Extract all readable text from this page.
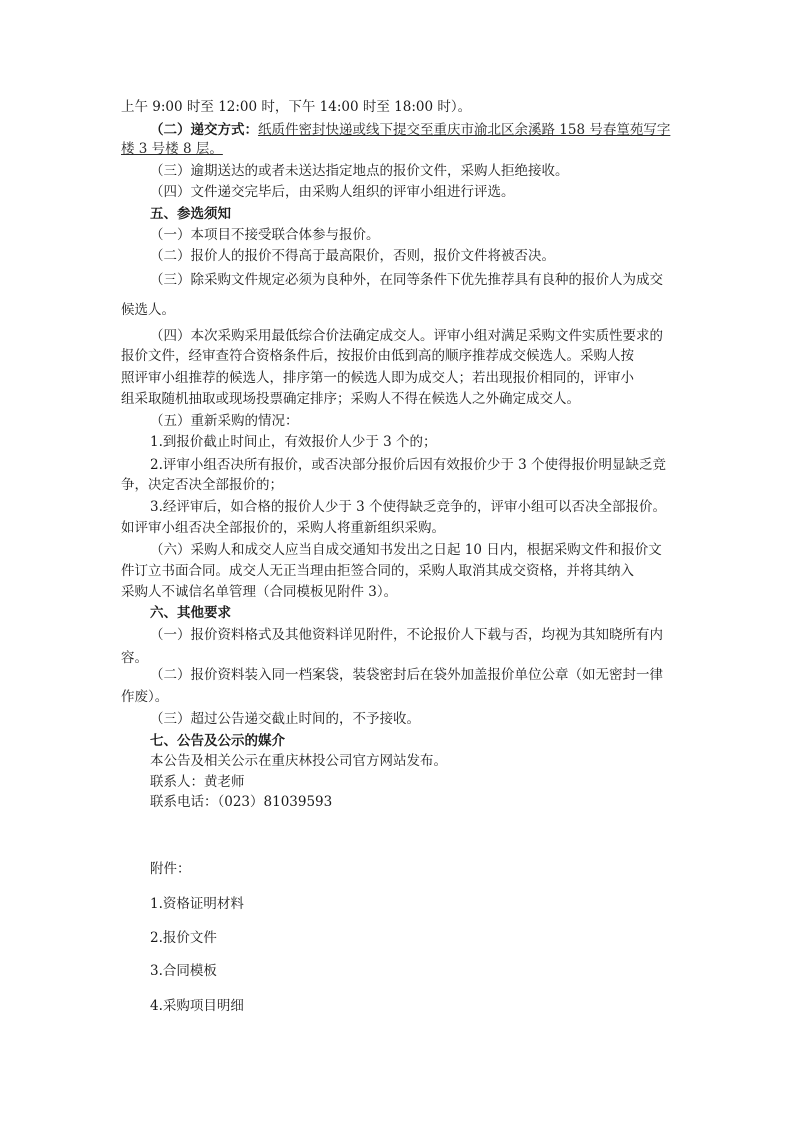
上午 9:00 时至 12:00 时，下午 14:00 时至 18:00 时）。
（二）递交方式：纸质件密封快递或线下提交至重庆市渝北区余溪路 158 号春篁苑写字
楼 3 号楼 8 层。
（三）逾期送达的或者未送达指定地点的报价文件，采购人拒绝接收。
（四）文件递交完毕后，由采购人组织的评审小组进行评选。
五、参选须知
（一）本项目不接受联合体参与报价。
（二）报价人的报价不得高于最高限价，否则，报价文件将被否决。
（三）除采购文件规定必须为良种外，在同等条件下优先推荐具有良种的报价人为成交
候选人。
（四）本次采购采用最低综合价法确定成交人。评审小组对满足采购文件实质性要求的
报价文件，经审查符合资格条件后，按报价由低到高的顺序推荐成交候选人。采购人按
照评审小组推荐的候选人，排序第一的候选人即为成交人；若出现报价相同的，评审小
组采取随机抽取或现场投票确定排序；采购人不得在候选人之外确定成交人。
（五）重新采购的情况：
1.到报价截止时间止，有效报价人少于 3 个的；
2.评审小组否决所有报价，或否决部分报价后因有效报价少于 3 个使得报价明显缺乏竞
争，决定否决全部报价的；
3.经评审后，如合格的报价人少于 3 个使得缺乏竞争的，评审小组可以否决全部报价。
如评审小组否决全部报价的，采购人将重新组织采购。
（六）采购人和成交人应当自成交通知书发出之日起 10 日内，根据采购文件和报价文
件订立书面合同。成交人无正当理由拒签合同的，采购人取消其成交资格，并将其纳入
采购人不诚信名单管理（合同模板见附件 3）。
六、其他要求
（一）报价资料格式及其他资料详见附件，不论报价人下载与否，均视为其知晓所有内
容。
（二）报价资料装入同一档案袋，装袋密封后在袋外加盖报价单位公章（如无密封一律
作废）。
（三）超过公告递交截止时间的，不予接收。
七、公告及公示的媒介
本公告及相关公示在重庆林投公司官方网站发布。
联系人：黄老师
联系电话：（023）81039593
附件：
1.资格证明材料
2.报价文件
3.合同模板
4.采购项目明细
